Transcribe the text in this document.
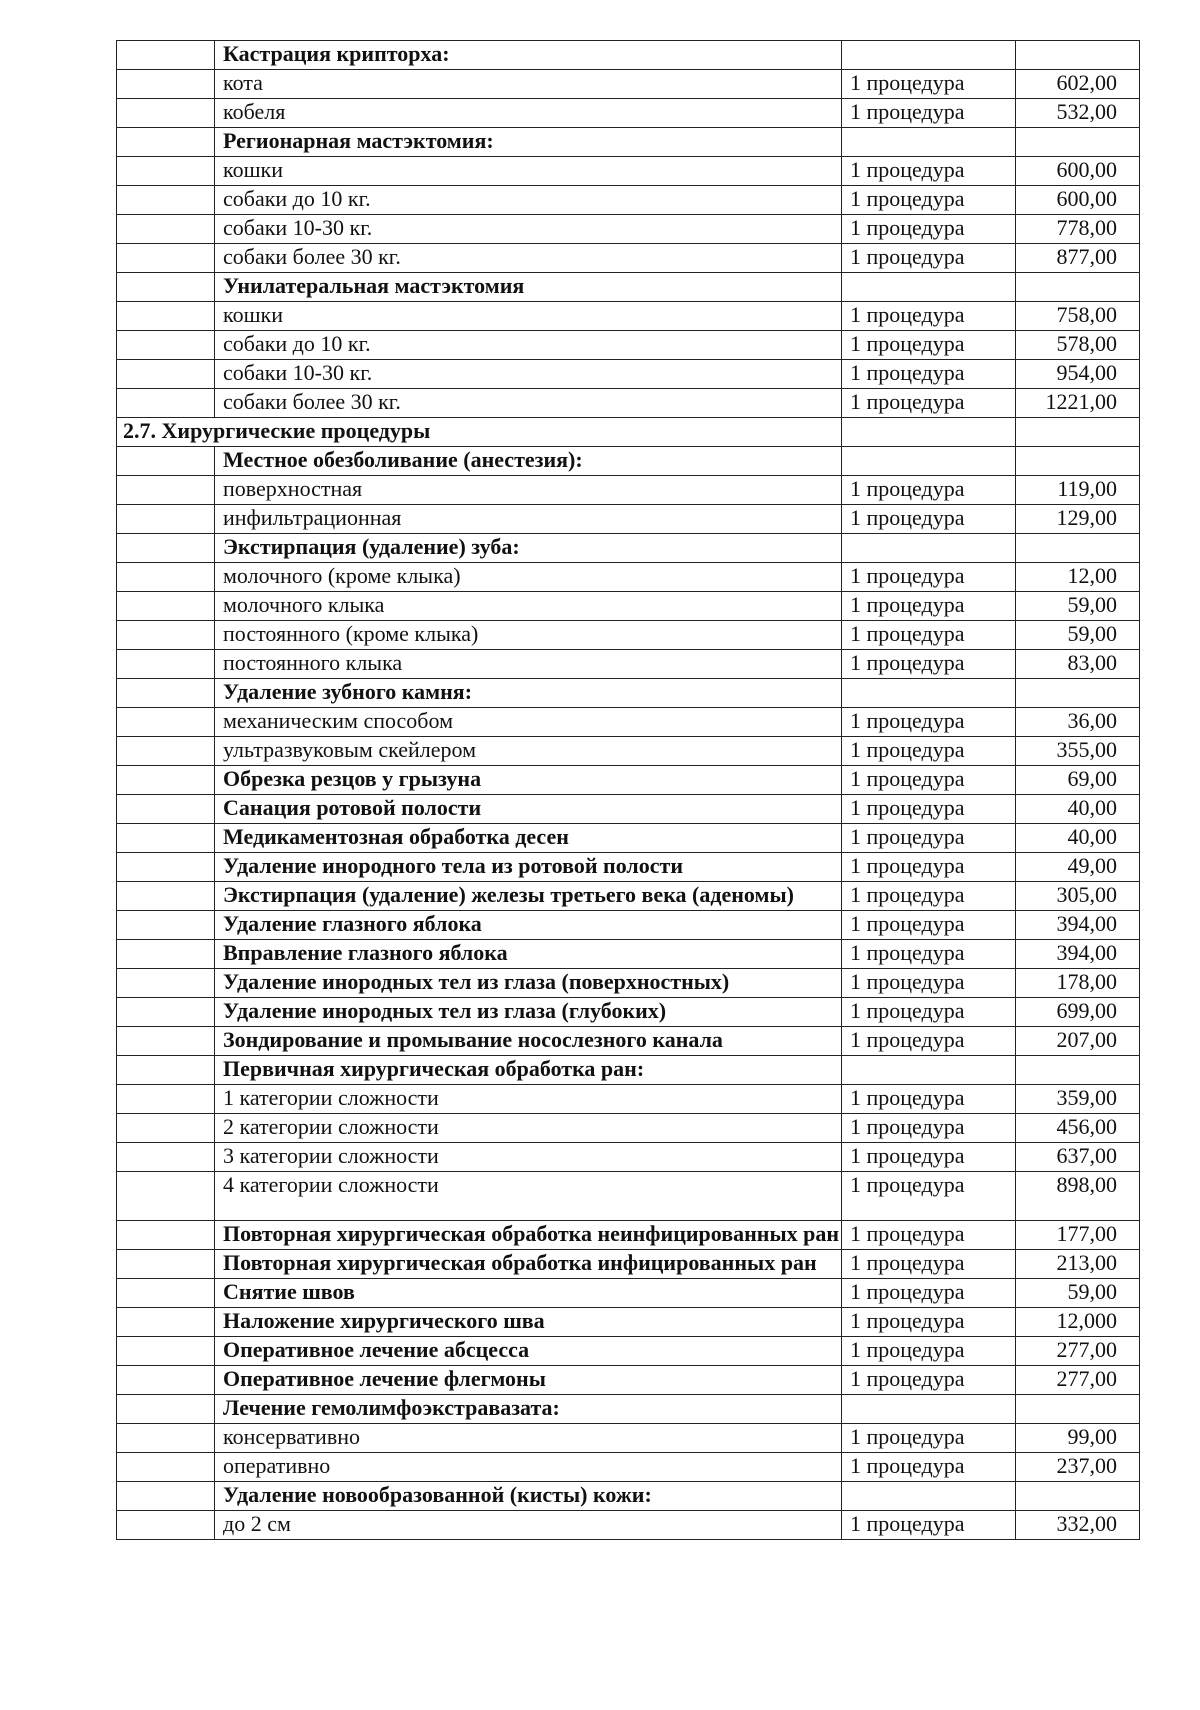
	Кастрация крипторха:		
	кота	1 процедура	602,00
	кобеля	1 процедура	532,00
	Регионарная мастэктомия:		
	кошки	1 процедура	600,00
	собаки до 10 кг.	1 процедура	600,00
	собаки 10-30 кг.	1 процедура	778,00
	собаки более 30 кг.	1 процедура	877,00
	Унилатеральная мастэктомия		
	кошки	1 процедура	758,00
	собаки до 10 кг.	1 процедура	578,00
	собаки 10-30 кг.	1 процедура	954,00
	собаки более 30 кг.	1 процедура	1221,00
2.7. Хирургические процедуры			
	Местное обезболивание (анестезия):		
	поверхностная	1 процедура	119,00
	инфильтрационная	1 процедура	129,00
	Экстирпация (удаление) зуба:		
	молочного (кроме клыка)	1 процедура	12,00
	молочного клыка	1 процедура	59,00
	постоянного (кроме клыка)	1 процедура	59,00
	постоянного клыка	1 процедура	83,00
	Удаление зубного камня:		
	механическим способом	1 процедура	36,00
	ультразвуковым скейлером	1 процедура	355,00
	Обрезка резцов у грызуна	1 процедура	69,00
	Санация ротовой полости	1 процедура	40,00
	Медикаментозная обработка десен	1 процедура	40,00
	Удаление инородного тела из ротовой полости	1 процедура	49,00
	Экстирпация (удаление) железы третьего века (аденомы)	1 процедура	305,00
	Удаление глазного яблока	1 процедура	394,00
	Вправление глазного яблока	1 процедура	394,00
	Удаление инородных тел из глаза (поверхностных)	1 процедура	178,00
	Удаление инородных тел из глаза (глубоких)	1 процедура	699,00
	Зондирование и промывание носослезного канала	1 процедура	207,00
	Первичная хирургическая обработка ран:		
	1 категории сложности	1 процедура	359,00
	2 категории сложности	1 процедура	456,00
	3 категории сложности	1 процедура	637,00
	4 категории сложности	1 процедура	898,00
	Повторная хирургическая обработка неинфицированных ран	1 процедура	177,00
	Повторная хирургическая обработка инфицированных ран	1 процедура	213,00
	Снятие швов	1 процедура	59,00
	Наложение хирургического шва	1 процедура	12,000
	Оперативное лечение абсцесса	1 процедура	277,00
	Оперативное лечение флегмоны	1 процедура	277,00
	Лечение гемолимфоэкстравазата:		
	консервативно	1 процедура	99,00
	оперативно	1 процедура	237,00
	Удаление новообразованной (кисты) кожи:		
	до 2 см	1 процедура	332,00
